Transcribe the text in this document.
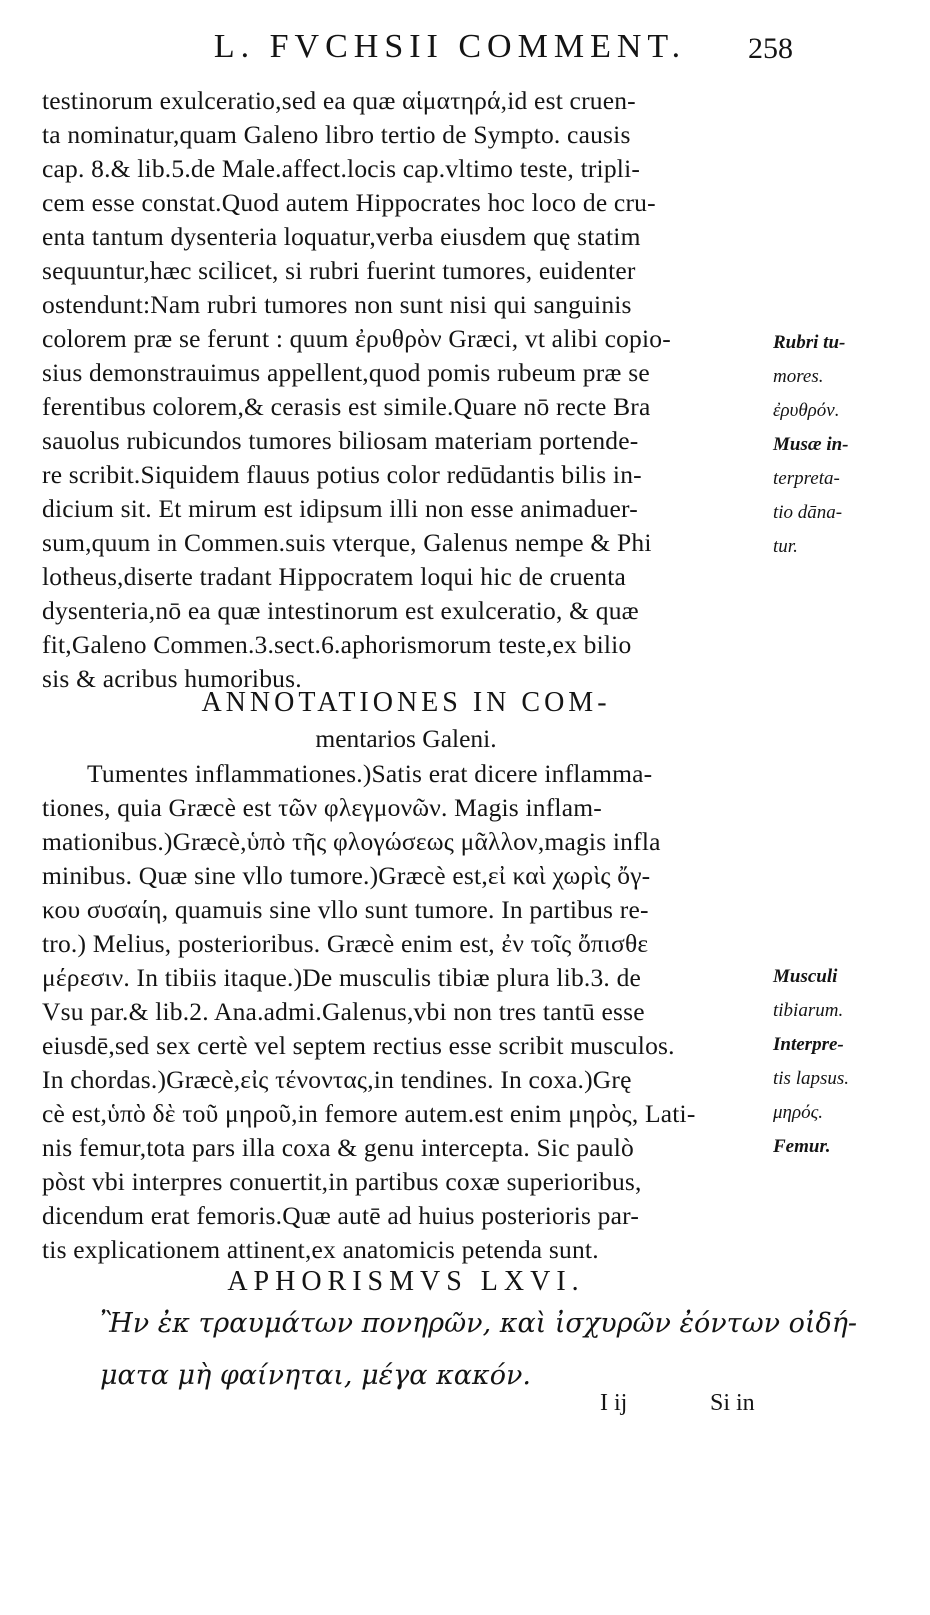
L. FVCHSII COMMENT.	258
testinorum exulceratio,sed ea quæ αἱματηρά,id est cruen-
ta nominatur,quam Galeno libro tertio de Sympto. causis
cap. 8.& lib.5.de Male.affect.locis cap.vltimo teste, tripli-
cem esse constat.Quod autem Hippocrates hoc loco de cru-
enta tantum dysenteria loquatur,verba eiusdem quę statim
sequuntur,hæc scilicet, si rubri fuerint tumores, euidenter
ostendunt:Nam rubri tumores non sunt nisi qui sanguinis
colorem præ se ferunt : quum ἐρυθρὸν Græci, vt alibi copio-
sius demonstrauimus appellent,quod pomis rubeum præ se
ferentibus colorem,& cerasis est simile.Quare nō recte Bra
sauolus rubicundos tumores biliosam materiam portende-
re scribit.Siquidem flauus potius color redūdantis bilis in-
dicium sit. Et mirum est idipsum illi non esse animaduer-
sum,quum in Commen.suis vterque, Galenus nempe & Phi
lotheus,diserte tradant Hippocratem loqui hic de cruenta
dysenteria,nō ea quæ intestinorum est exulceratio, & quæ
fit,Galeno Commen.3.sect.6.aphorismorum teste,ex bilio
sis & acribus humoribus.
ANNOTATIONES IN COM-
mentarios Galeni.
Tumentes inflammationes.)Satis erat dicere inflamma-
tiones, quia Græcè est τῶν φλεγμονῶν. Magis inflam-
mationibus.)Græcè,ὑπὸ τῆς φλογώσεως μᾶλλον,magis infla
minibus. Quæ sine vllo tumore.)Græcè est,εἰ καὶ χωρὶς ὄγ-
κου συσαίη, quamuis sine vllo sunt tumore. In partibus re-
tro.) Melius, posterioribus. Græcè enim est, ἐν τοῖς ὄπισθε
μέρεσιν. In tibiis itaque.)De musculis tibiæ plura lib.3. de
Vsu par.& lib.2. Ana.admi.Galenus,vbi non tres tantū esse
eiusdē,sed sex certè vel septem rectius esse scribit musculos.
In chordas.)Græcè,εἰς τένοντας,in tendines. In coxa.)Grę
cè est,ὑπὸ δὲ τοῦ μηροῦ,in femore autem.est enim μηρὸς, Lati-
nis femur,tota pars illa coxa & genu intercepta. Sic paulò
pòst vbi interpres conuertit,in partibus coxæ superioribus,
dicendum erat femoris.Quæ autē ad huius posterioris par-
tis explicationem attinent,ex anatomicis petenda sunt.
APHORISMVS LXVI.
Ἢν ἐκ τραυμάτων πονηρῶν, καὶ ἰσχυρῶν ἐόντων οἰδή-
ματα μὴ φαίνηται, μέγα κακόν.
I ij	Si in
Rubri tu-
mores.
ἐρυθρόν.
Musæ in-
terpreta-
tio dāna-
tur.
Musculi
tibiarum.
Interpre-
tis lapsus.
μηρός.
Femur.
